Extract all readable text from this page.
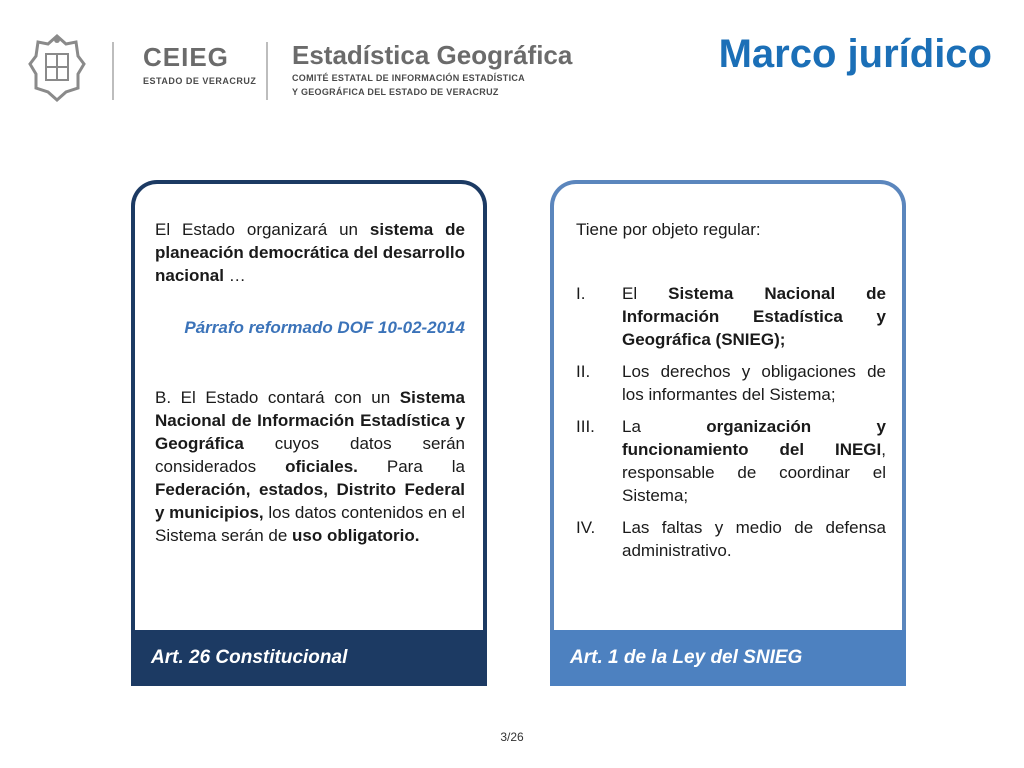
CEIEG
ESTADO DE VERACRUZ
Estadística Geográfica
COMITÉ ESTATAL DE INFORMACIÓN ESTADÍSTICA
Y GEOGRÁFICA DEL ESTADO DE VERACRUZ
Marco jurídico
El Estado organizará un sistema de planeación democrática del desarrollo nacional …
Párrafo reformado DOF 10-02-2014
B. El Estado contará con un Sistema Nacional de Información Estadística y Geográfica cuyos datos serán considerados oficiales. Para la Federación, estados, Distrito Federal y municipios, los datos contenidos en el Sistema serán de uso obligatorio.
Art. 26 Constitucional
Tiene por objeto regular:
I.	El Sistema Nacional de Información Estadística y Geográfica (SNIEG);
II.	Los derechos y obligaciones de los informantes del Sistema;
III.	La organización y funcionamiento del INEGI, responsable de coordinar el Sistema;
IV.	Las faltas y medio de defensa administrativo.
Art. 1 de la Ley del SNIEG
3/26
